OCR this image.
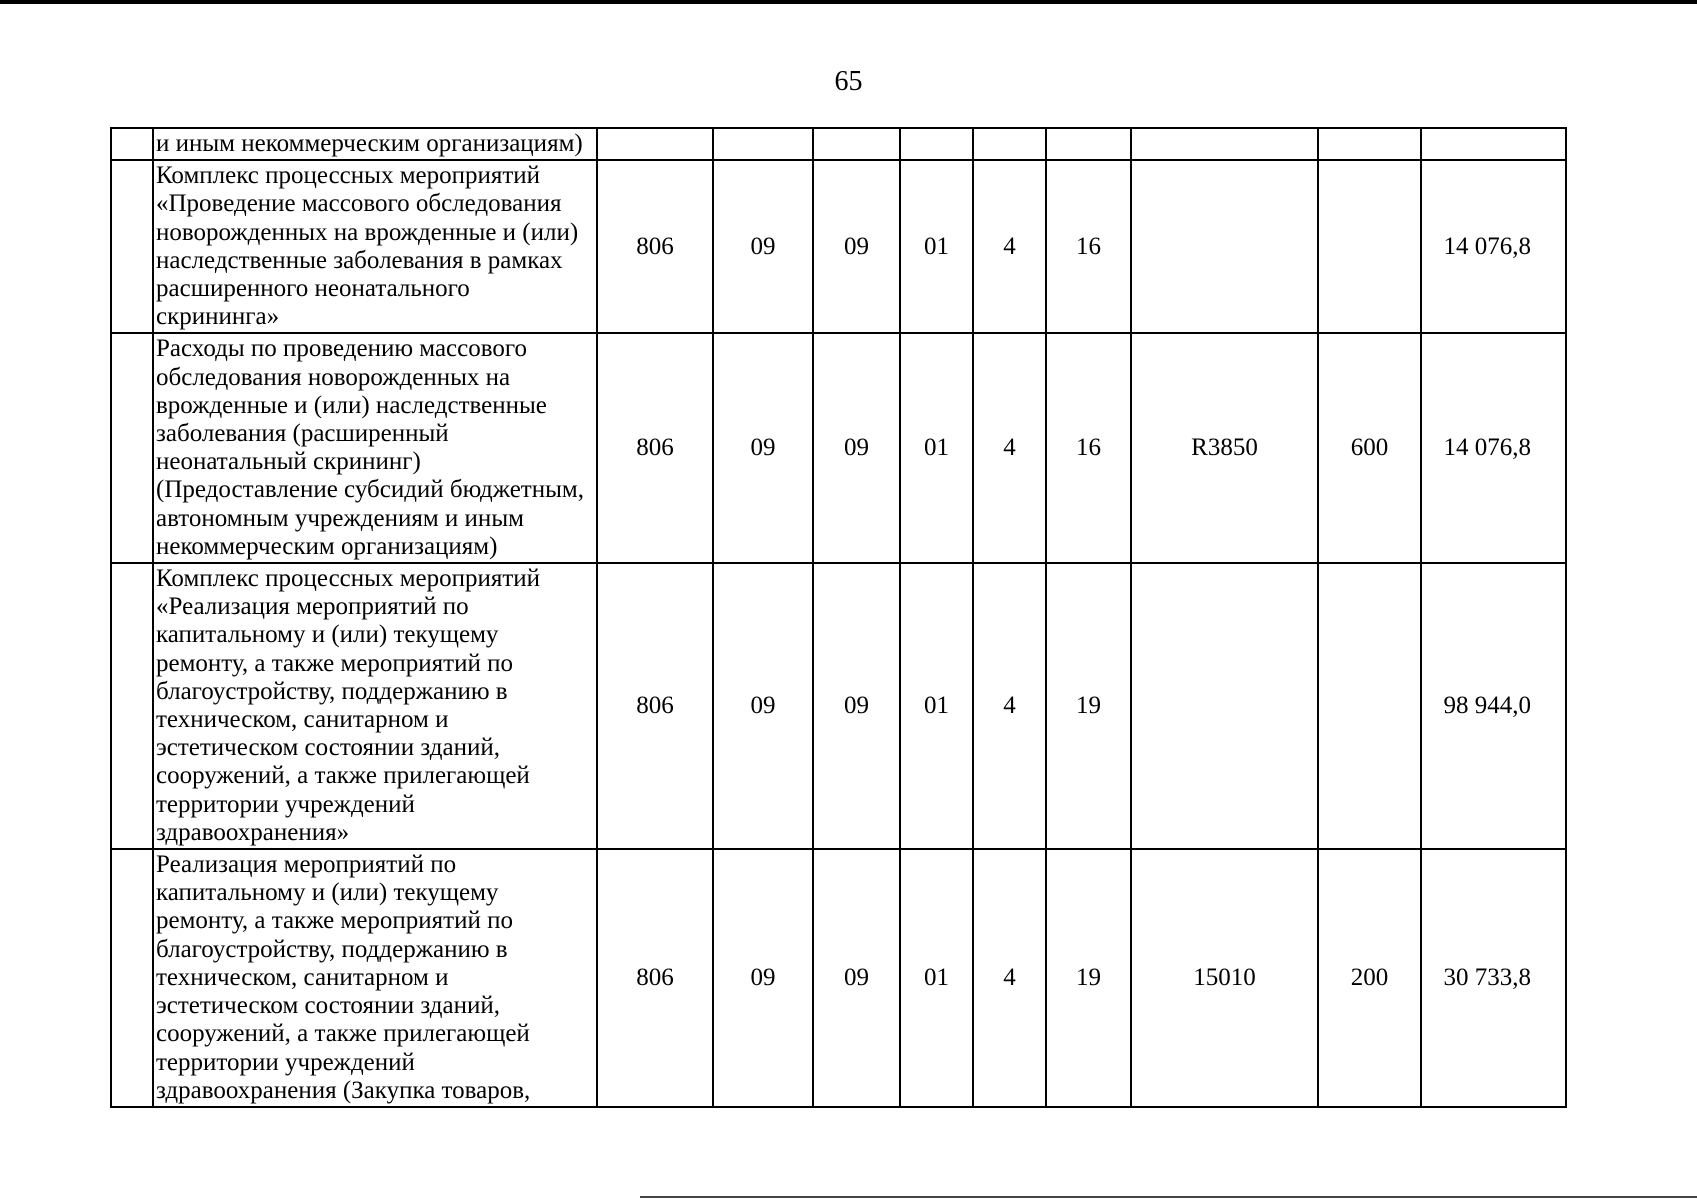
65
	и иным некоммерческим организациям)									
	Комплекс процессных мероприятий «Проведение массового обследования новорожденных на врожденные и (или) наследственные заболевания в рамках расширенного неонатального скрининга»	806	09	09	01	4	16			14 076,8
	Расходы по проведению массового обследования новорожденных на врожденные и (или) наследственные заболевания (расширенный неонатальный скрининг) (Предоставление субсидий бюджетным, автономным учреждениям и иным некоммерческим организациям)	806	09	09	01	4	16	R3850	600	14 076,8
	Комплекс процессных мероприятий «Реализация мероприятий по капитальному и (или) текущему ремонту, а также мероприятий по благоустройству, поддержанию в техническом, санитарном и эстетическом состоянии зданий, сооружений, а также прилегающей территории учреждений здравоохранения»	806	09	09	01	4	19			98 944,0
	Реализация мероприятий по капитальному и (или) текущему ремонту, а также мероприятий по благоустройству, поддержанию в техническом, санитарном и эстетическом состоянии зданий, сооружений, а также прилегающей территории учреждений здравоохранения (Закупка товаров,	806	09	09	01	4	19	15010	200	30 733,8
